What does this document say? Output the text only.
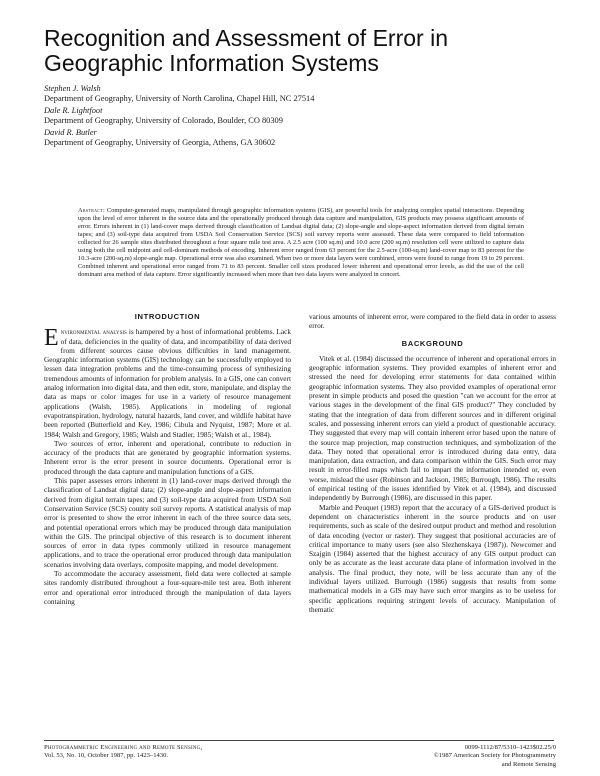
Recognition and Assessment of Error in Geographic Information Systems
Stephen J. Walsh
Department of Geography, University of North Carolina, Chapel Hill, NC 27514
Dale R. Lightfoot
Department of Geography, University of Colorado, Boulder, CO 80309
David R. Butler
Department of Geography, University of Georgia, Athens, GA 30602

Abstract: Computer-generated maps, manipulated through geographic information systems (GIS), are powerful tools for analyzing complex spatial interactions. Depending upon the level of error inherent in the source data and the operationally produced through data capture and manipulation, GIS products may possess significant amounts of error. Errors inherent in (1) land-cover maps derived through classification of Landsat digital data; (2) slope-angle and slope-aspect information derived from digital terrain tapes; and (3) soil-type data acquired from USDA Soil Conservation Service (SCS) soil survey reports were assessed. These data were compared to field information collected for 26 sample sites distributed throughout a four square mile test area. A 2.5 acre (100 sq.m) and 10.0 acre (200 sq.m) resolution cell were utilized to capture data using both the cell midpoint and cell-dominant methods of encoding. Inherent error ranged from 63 percent for the 2.5-acre (100-sq.m) land-cover map to 83 percent for the 10.3-acre (200-sq.m) slope-angle map. Operational error was also examined. When two or more data layers were combined, errors were found to range from 19 to 29 percent. Combined inherent and operational error ranged from 71 to 83 percent. Smaller cell sizes produced lower inherent and operational error levels, as did the use of the cell dominant area method of data capture. Error significantly increased when more than two data layers were analyzed in concert.

INTRODUCTION

Environmental analysis is hampered by a host of informational problems. Lack of data, deficiencies in the quality of data, and incompatibility of data derived from different sources cause obvious difficulties in land management. Geographic information systems (GIS) technology can be successfully employed to lessen data integration problems and the time-consuming process of synthesizing tremendous amounts of information for problem analysis. In a GIS, one can convert analog information into digital data, and then edit, store, manipulate, and display the data as maps or color images for use in a variety of resource management applications (Walsh, 1985). Applications in modeling of regional evapotranspiration, hydrology, natural hazards, land cover, and wildlife habitat have been reported (Butterfield and Key, 1986; Cibula and Nyquist, 1987; More et al. 1984; Walsh and Gregory, 1985; Walsh and Stadler, 1985; Walsh et al., 1984).

Two sources of error, inherent and operational, contribute to reduction in accuracy of the products that are generated by geographic information systems. Inherent error is the error present in source documents. Operational error is produced through the data capture and manipulation functions of a GIS.

This paper assesses errors inherent in (1) land-cover maps derived through the classification of Landsat digital data; (2) slope-angle and slope-aspect information derived from digital terrain tapes; and (3) soil-type data acquired from USDA Soil Conservation Service (SCS) county soil survey reports. A statistical analysis of map error is presented to show the error inherent in each of the three source data sets, and potential operational errors which may be produced through data manipulation within the GIS. The principal objective of this research is to document inherent sources of error in data types commonly utilized in resource management applications, and to trace the operational error produced through data manipulation scenarios involving data overlays, composite mapping, and model development.

To accommodate the accuracy assessment, field data were collected at sample sites randomly distributed throughout a four-square-mile test area. Both inherent error and operational error introduced through the manipulation of data layers containing

various amounts of inherent error, were compared to the field data in order to assess error.

BACKGROUND

Vitek et al. (1984) discussed the occurrence of inherent and operational errors in geographic information systems. They provided examples of inherent error and stressed the need for developing error statements for data contained within geographic information systems. They also provided examples of operational error present in simple products and posed the question "can we account for the error at various stages in the development of the final GIS product?" They concluded by stating that the integration of data from different sources and in different original scales, and possessing inherent errors can yield a product of questionable accuracy. They suggested that every map will contain inherent error based upon the nature of the source map projection, map construction techniques, and symbolization of the data. They noted that operational error is introduced during data entry, data manipulation, data extraction, and data comparison within the GIS. Such error may result in error-filled maps which fail to impart the information intended or, even worse, mislead the user (Robinson and Jackson, 1985; Burrough, 1986). The results of empirical testing of the issues identified by Vitek et al. (1984), and discussed independently by Burrough (1986), are discussed in this paper.

Marble and Peuquet (1983) report that the accuracy of a GIS-derived product is dependent on characteristics inherent in the source products and on user requirements, such as scale of the desired output product and method and resolution of data encoding (vector or raster). They suggest that positional accuracies are of critical importance to many users (see also Slezhenskaya (1987)). Newcomer and Szajgin (1984) asserted that the highest accuracy of any GIS output product can only be as accurate as the least accurate data plane of information involved in the analysis. The final product, they note, will be less accurate than any of the individual layers utilized. Burrough (1986) suggests that results from some mathematical models in a GIS may have such error margins as to be useless for specific applications requiring stringent levels of accuracy. Manipulation of thematic

Photogrammetric Engineering and Remote Sensing,
Vol. 53, No. 10, October 1987, pp. 1423–1430.
0099-1112/87/5310–1423$02.25/0
©1987 American Society for Photogrammetry
and Remote Sensing
